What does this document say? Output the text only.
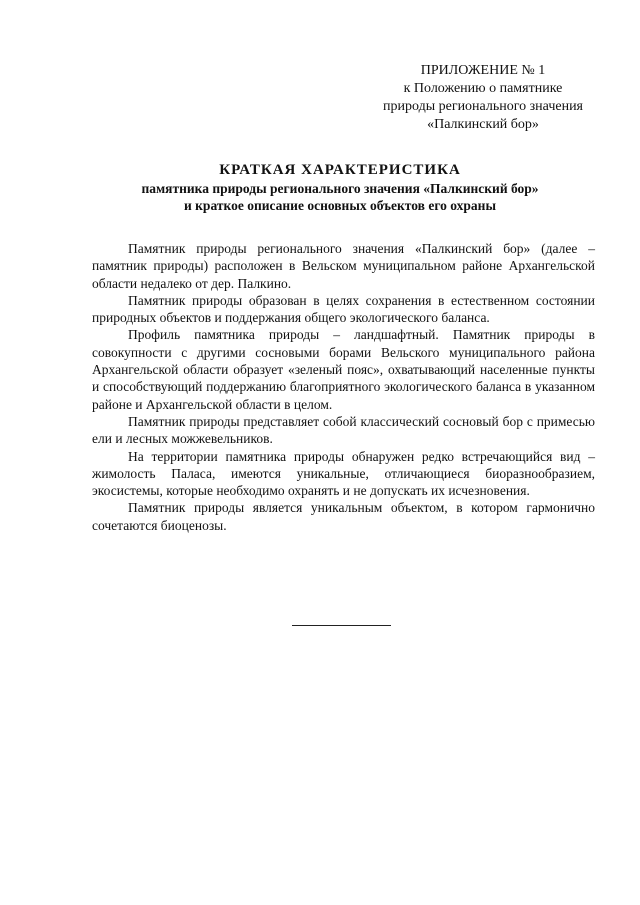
ПРИЛОЖЕНИЕ № 1
к Положению о памятнике
природы регионального значения
«Палкинский бор»
КРАТКАЯ ХАРАКТЕРИСТИКА
памятника природы регионального значения «Палкинский бор»
и краткое описание основных объектов его охраны

Памятник природы регионального значения «Палкинский бор» (далее – памятник природы) расположен в Вельском муниципальном районе Архангельской области недалеко от дер. Палкино.

Памятник природы образован в целях сохранения в естественном состоянии природных объектов и поддержания общего экологического баланса.

Профиль памятника природы – ландшафтный. Памятник природы в совокупности с другими сосновыми борами Вельского муниципального района Архангельской области образует «зеленый пояс», охватывающий населенные пункты и способствующий поддержанию благоприятного экологического баланса в указанном районе и Архангельской области в целом.

Памятник природы представляет собой классический сосновый бор с примесью ели и лесных можжевельников.

На территории памятника природы обнаружен редко встречающийся вид – жимолость Паласа, имеются уникальные, отличающиеся биоразнообразием, экосистемы, которые необходимо охранять и не допускать их исчезновения.

Памятник природы является уникальным объектом, в котором гармонично сочетаются биоценозы.
